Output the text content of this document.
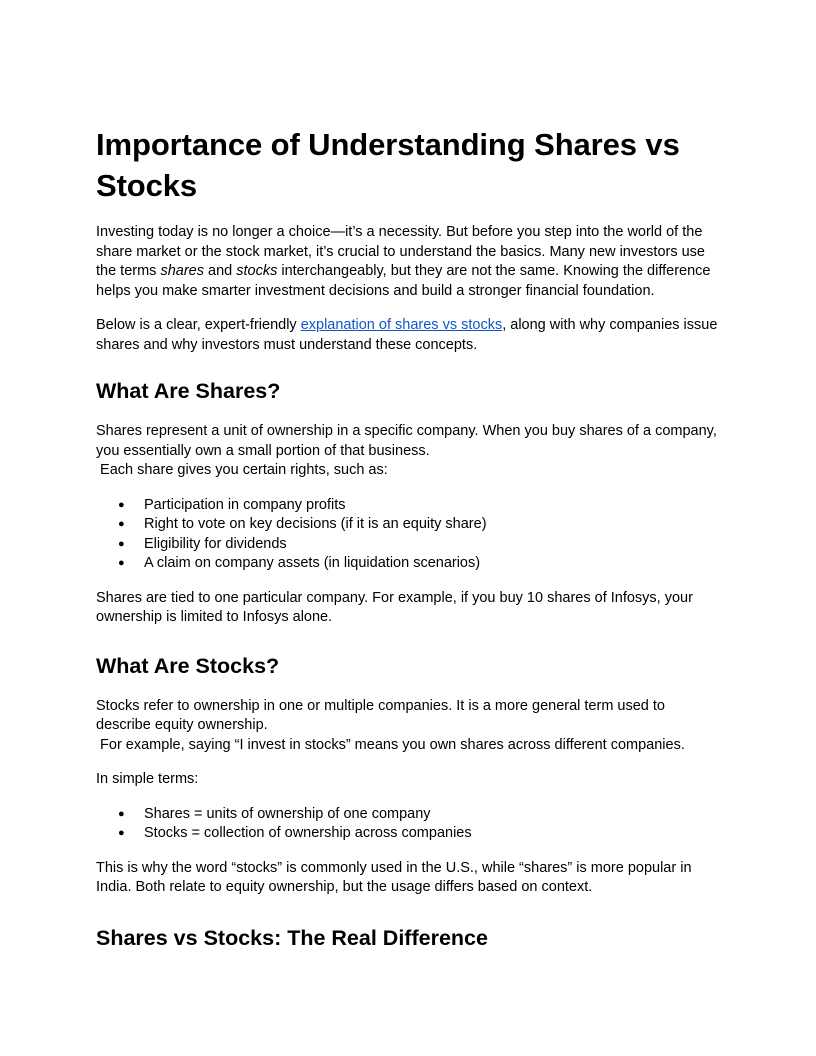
Importance of Understanding Shares vs Stocks

Investing today is no longer a choice—it’s a necessity. But before you step into the world of the share market or the stock market, it’s crucial to understand the basics. Many new investors use the terms shares and stocks interchangeably, but they are not the same. Knowing the difference helps you make smarter investment decisions and build a stronger financial foundation.

Below is a clear, expert-friendly explanation of shares vs stocks, along with why companies issue shares and why investors must understand these concepts.

What Are Shares?

Shares represent a unit of ownership in a specific company. When you buy shares of a company, you essentially own a small portion of that business.
Each share gives you certain rights, such as:

● Participation in company profits
● Right to vote on key decisions (if it is an equity share)
● Eligibility for dividends
● A claim on company assets (in liquidation scenarios)

Shares are tied to one particular company. For example, if you buy 10 shares of Infosys, your ownership is limited to Infosys alone.

What Are Stocks?

Stocks refer to ownership in one or multiple companies. It is a more general term used to describe equity ownership.
For example, saying “I invest in stocks” means you own shares across different companies.

In simple terms:

● Shares = units of ownership of one company
● Stocks = collection of ownership across companies

This is why the word “stocks” is commonly used in the U.S., while “shares” is more popular in India. Both relate to equity ownership, but the usage differs based on context.

Shares vs Stocks: The Real Difference
